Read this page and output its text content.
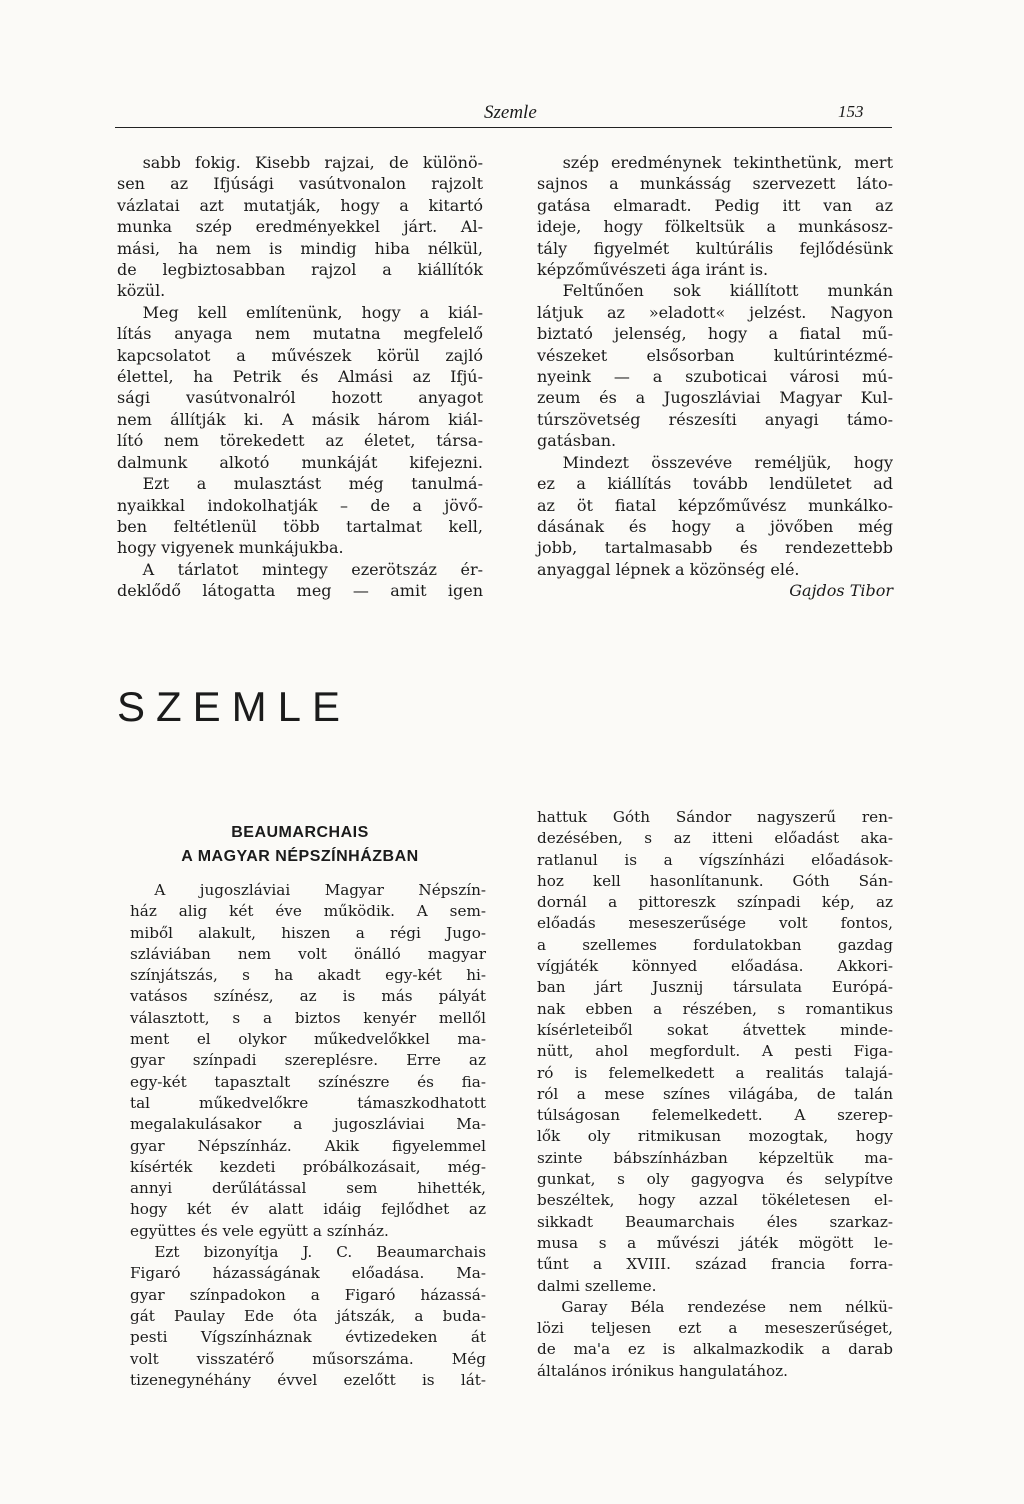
Szemle	153
sabb fokig. Kisebb rajzai, de különö-
sen az Ifjúsági vasútvonalon rajzolt
vázlatai azt mutatják, hogy a kitartó
munka szép eredményekkel járt. Al-
mási, ha nem is mindig hiba nélkül,
de legbiztosabban rajzol a kiállítók
közül.
Meg kell említenünk, hogy a kiál-
lítás anyaga nem mutatna megfelelő
kapcsolatot a művészek körül zajló
élettel, ha Petrik és Almási az Ifjú-
sági vasútvonalról hozott anyagot
nem állítják ki. A másik három kiál-
lító nem törekedett az életet, társa-
dalmunk alkotó munkáját kifejezni.
Ezt a mulasztást még tanulmá-
nyaikkal indokolhatják – de a jövő-
ben feltétlenül több tartalmat kell,
hogy vigyenek munkájukba.
A tárlatot mintegy ezerötszáz ér-
deklődő látogatta meg — amit igen
szép eredménynek tekinthetünk, mert
sajnos a munkásság szervezett láto-
gatása elmaradt. Pedig itt van az
ideje, hogy fölkeltsük a munkásosz-
tály figyelmét kultúrális fejlődésünk
képzőművészeti ága iránt is.
Feltűnően sok kiállított munkán
látjuk az »eladott« jelzést. Nagyon
biztató jelenség, hogy a fiatal mű-
vészeket elsősorban kultúrintézmé-
nyeink — a szuboticai városi mú-
zeum és a Jugoszláviai Magyar Kul-
túrszövetség részesíti anyagi támo-
gatásban.
Mindezt összevéve reméljük, hogy
ez a kiállítás tovább lendületet ad
az öt fiatal képzőművész munkálko-
dásának és hogy a jövőben még
jobb, tartalmasabb és rendezettebb
anyaggal lépnek a közönség elé.
Gajdos Tibor
SZEMLE
BEAUMARCHAIS
A MAGYAR NÉPSZÍNHÁZBAN
A jugoszláviai Magyar Népszín-
ház alig két éve működik. A sem-
miből alakult, hiszen a régi Jugo-
szláviában nem volt önálló magyar
színjátszás, s ha akadt egy-két hi-
vatásos színész, az is más pályát
választott, s a biztos kenyér mellől
ment el olykor műkedvelőkkel ma-
gyar színpadi szereplésre. Erre az
egy-két tapasztalt színészre és fia-
tal műkedvelőkre támaszkodhatott
megalakulásakor a jugoszláviai Ma-
gyar Népszínház. Akik figyelemmel
kísérték kezdeti próbálkozásait, még-
annyi derűlátással sem hihették,
hogy két év alatt idáig fejlődhet az
együttes és vele együtt a színház.
Ezt bizonyítja J. C. Beaumarchais
Figaró házasságának előadása. Ma-
gyar színpadokon a Figaró házassá-
gát Paulay Ede óta játszák, a buda-
pesti Vígszínháznak évtizedeken át
volt visszatérő műsorszáma. Még
tizenegynéhány évvel ezelőtt is lát-
hattuk Góth Sándor nagyszerű ren-
dezésében, s az itteni előadást aka-
ratlanul is a vígszínházi előadások-
hoz kell hasonlítanunk. Góth Sán-
dornál a pittoreszk színpadi kép, az
előadás meseszerűsége volt fontos,
a szellemes fordulatokban gazdag
vígjáték könnyed előadása. Akkori-
ban járt Jusznij társulata Európá-
nak ebben a részében, s romantikus
kísérleteiből sokat átvettek minde-
nütt, ahol megfordult. A pesti Figa-
ró is felemelkedett a realitás talajá-
ról a mese színes világába, de talán
túlságosan felemelkedett. A szerep-
lők oly ritmikusan mozogtak, hogy
szinte bábszínházban képzeltük ma-
gunkat, s oly gagyogva és selypítve
beszéltek, hogy azzal tökéletesen el-
sikkadt Beaumarchais éles szarkaz-
musa s a művészi játék mögött le-
tűnt a XVIII. század francia forra-
dalmi szelleme.
Garay Béla rendezése nem nélkü-
lözi teljesen ezt a meseszerűséget,
de ma'a ez is alkalmazkodik a darab
általános irónikus hangulatához.
